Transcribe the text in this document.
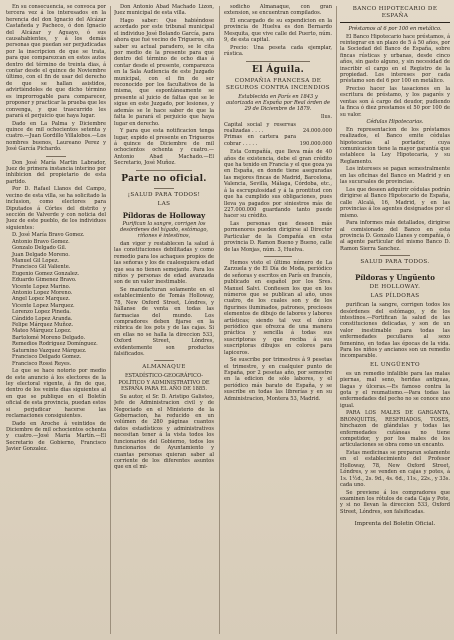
En su consecuencia, se convoca por tercera vez á los interesados en la herencia del don Ignacio del Alcázar Castañeda y Pacheco, ó don Ignacio del Alcázar y Aguayo, ó sus causahabientes, y á los demás personas que puedan ser perjudicadas por la inscripcion de que se trata, para que comparezcan en estos autos dentro del término de treinta dias, á contar desde el quince de Noviembre último, con el fin de usar del derecho de que se hallan asistidos, advirtiéndoles de que dicho término es improrrogable para comparecer, proponer y practicar la prueba que les convenga, y que trascurrido les parará el perjuicio que haya lugar.

Dado en La Palma y Diciembre quince de mil ochocientos setenta y cuatro.—Juan Gordillo Villalobos.—Los nombres buenos, Laureano Perez y José García Pichardo.

Don José María Martin Labrador, Juez de primera instancia interino por inhibicion del propietario de esta partido.

Por D. Rafael Llanos del Campo, vecino de esta villa, se ha solicitado la inclusion, como electores para Diputados á Córtes del distrito y sección de Valverde y con noticia del Juez de este pueblo, de los individuos siguientes:

D. José María Bravo Gomez.
Antonio Bravo Gomez.
Gonzalo Delgado Gil.
Juan Delgado Moreno.
Manuel Gil Lopez.
Francisco Gil Valiente.
Eugenio Gomez Gonzalez.
Eduardo Gimenez Bravo.
Vicente Lopez Marino.
Antonio Lopez Moreno.
Angel Lopez Marquez.
Vicente Lopez Marquez.
Lorenzo Lopez Pineda.
Cándido Lopez Aranda.
Felipe Márquez Muñoz.
Mateo Márquez Lopez.
Bartolomé Moreno Delgado.
Remedios Rodriguez Domínguez.
Saturnino Vazquez Márquez.
Francisco Delgado Gomez.
Francisco Rossi Reyes.

Lo que se hace notorio por medio de este anuncio á los electores de la ley electoral vigente, á fin de que, dentro de los veinte dias siguientes al en que se publique en el Boletín oficial de esta provincia, puedan estos si perjudicar hacerse las reclamaciones consiguientes.

Dado en Aroche á veintidos de Diciembre de mil ochocientos ochenta y cuatro.—José María Martín.—El Secretario de Gobierno, Francisco Javier Gonzalez.

Don Antonio Abad Machado Lizon, Juez municipal de esta villa.

Hago saber: Que habiéndose acordado por este tribunal municipal el individuo José Bolando García, para ahora que fué vecino de Trigueros, sin saber su actual paradero, se le cita por medio de la presente para que dentro del término de ocho dias á contar desde el presente, comparezca en la Sala Audiencia de este Juzgado municipal, con el fin de ser reconocido por los facultativos de la misma, que espontáneamente se presente al juicio de faltas que se le sigue en este Juzgado, por lesiones, y además se le hace saber de que la falta le parará el perjuicio que haya lugar en derecho.

Y para que esta notificacion tenga lugar, expido el presente en Trigueros á quince de Diciembre de mil ochocientos ochenta y cuatro.—Antonio Abad Machado.—El Secretario, José Muñoz.

Parte no oficial.
¡SALUD PARA TODOS!
LAS
Píldoras de Holloway

Purifican la sangre, corrigen los desórdenes del hígado, estómago, riñones é intestinos,

dan vigor y restablecen la salud á las constituciones debilitadas y como remedio para los achaques propios de las señoras y los de cualesquiera edad que sea no tienen semejante. Para los niños y personas de edad avanzada son de un valor inestimable.

Se manufacturan solamente en el establecimiento de Tomás Holloway, 78, New Oxford Street, Lóndres, y hállanse de venta en todas las farmacias del mundo. Los compradores deben fijarse en la rúbrica de los pots y de las cajas. Si en ellas no se halla la direccion 533, Oxford Street, Lóndres, evidentemente son productos falsificados.

ALMANAQUE

ESTADÍSTICO-GEOGRÁFICO-POLÍTICO Y ADMINISTRATIVO DE ESPAÑA PARA EL AÑO DE 1885.

Su autor, el Sr. D. Aristipo Galisteo, Jefe de Administracion civil y de Negociado en el Ministerio de la Gobernacion, ha reducido en un volúmen de 280 páginas cuantos datos estadísticos y administrativos necesitan tener á la vista todos los funcionarios del Gobierno, todos los funcionarios de Ayuntamiento y cuantas personas quieran saber al corriente de los diferentes asuntos que en el mi-

sodicho Almanaque, con gran extension, se encuentran compilados.

El encargado de su expendicion en la provincia de Huelva es don Bernardo Mesquita, que vive calle del Puerto, núm. 9, de esta capital.

Precio: Una peseta cada ejemplar, rústica.

El Águila.
COMPAÑIA FRANCESA DE SEGUROS CONTRA INCENDIOS

Establecida en París en 1843 y autorizada en España por Real órden de 29 de Diciembre de 1879.

Ilus.

Capital social y reservas realizadas . . . .	24.000.000
Primas en cartera para cobrar . . . . .	190.000.000

Esta Compañía, que lleva más de 40 años de existencia, debe el gran crédito que ha tenido en Francia y el que goza ya en España, en donde tiene aseguradas las mejores fincas de Madrid, Barcelona, Valencia, Sevilla, Málaga, Córdoba, etc., á la escrupulosidad y á la prontitud con que ha cumplido sus obligaciones, pues lleva ya pagados por siniestros más de 227.000.000 guardando tanto puede hacer su crédito.

Las personas que deseen más pormenores pueden dirigirse al Director Particular de la Compañía en esta provincia D. Ramon Bueno y Bueno, calle de las Monjas, núm. 3, Huelva.

Hemos visto el último número de La Zarzuela y de El Día de Moda, periódico de señoras y escritos en París en francés, publicado en español por los Sres. Manuel Salvi. Confiesen los que en los números que se publican al año, unos cuatro, de los cuales son y de los figurines iluminados, patrones, preciosos elementos de dibujo de labores y labores artísticas; siendo tal vez el único periódico que ofrezca de una manera práctica y sencilla á todas sus suscriptoras y que reciba á sus suscriptoras dibujos en colores para lapiceros.

Se suscribe por trimestres á 9 pesetas el trimestre, y en cualquier punto de España, por 2 pesetas año, por semestre en la edicion de sólo labores, y el periódico más barato de España, y se suscribe en todas las librerías y en su Administracion, Montera 53, Madrid.

BANCO HIPOTECARIO DE ESPAÑA

Préstamos al 6 por 100 en metálico.

El Banco Hipotecario hace préstamos, á reintegrar en un plazo de 5 á 50 años, por la Sociedad del Banco de España, sobre fincas rústicas y urbanas, desde cinco años, sin gasto alguno, y sin necesidad de inscribir el cargo en el Registro de la propiedad. Los intereses por cada préstamo son del 6 por 100 en metálico.

Preciso hacer las tasaciones en la escritura de préstamo, y los pagarés y ventas son á cargo del deudor, pudiendo la finca ó diez prestamos el 50 por 100 de su valor.

Cédulas Hipotecarias.

En representacion de los préstamos realizados, el Banco emite cédulas hipotecarias al portador, cuya comunicacion tiene la mayor garantía que establece la Ley Hipotecaria, y su Reglamento.

Los intereses se pagan semestralmente en las oficinas del Banco en Madrid y en las sucursales de provincias.

Los que deseen adquirir cédulas podrán dirigirse al Banco Hipotecario de España, calle Alcalá, 16, Madrid, y en las provincias á los agentes designados por el mismo.

Para informes más detallados, dirigirse al comisionado del Banco en esta provincia D. Gonzalo Llanes y compañía, ó al agente particular del mismo Banco D. Ramon Sierra Sanchez.

SALUD PARA TODOS.
Píldoras y Ungüento
DE HOLLOWAY.
LAS PÍLDORAS

purifican la sangre, corrigen todos los desórdenes del estómago, y de los intestinos.—Fortifican la salud de las constituciones delicadas, y son de un valor inestimable para todas las enfermedades peculiares al sexo femenino, en todas las épocas de la vida. Para los niños y ancianos son un remedio incomparable.

EL UNGÜENTO

es un remedio infalible para las malas piernas, mal seno, heridas antiguas, llagas y úlceras.—Es famoso contra la gota y el reumatismo.—Para todas las enfermedades del pecho no se conoce uno igual.

PARA LOS MALES DE GARGANTA, BRONQUITIS, RESFRIADOS, TOSES, hinchazon de glándulas y todas las enfermedades cutáneas no tiene competidor, y por los males de los articulaciones se obra como un encanto.

Estas medicinas se preparan solamente en el establecimiento del Profesor Holloway, 78, New Oxford Street, Lóndres, y se venden en cajas y potes, á 1s. 1½d., 2s. 9d., 4s. 6d., 11s., 22s., y 33s. cada uno.

Se previene á los compradores que examinen los rótulos de cada Caja y Pote, y si no llevan la direccion 533, Oxford Street, Lóndres, son falsificadas.

Imprenta del Boletin Oficial.
